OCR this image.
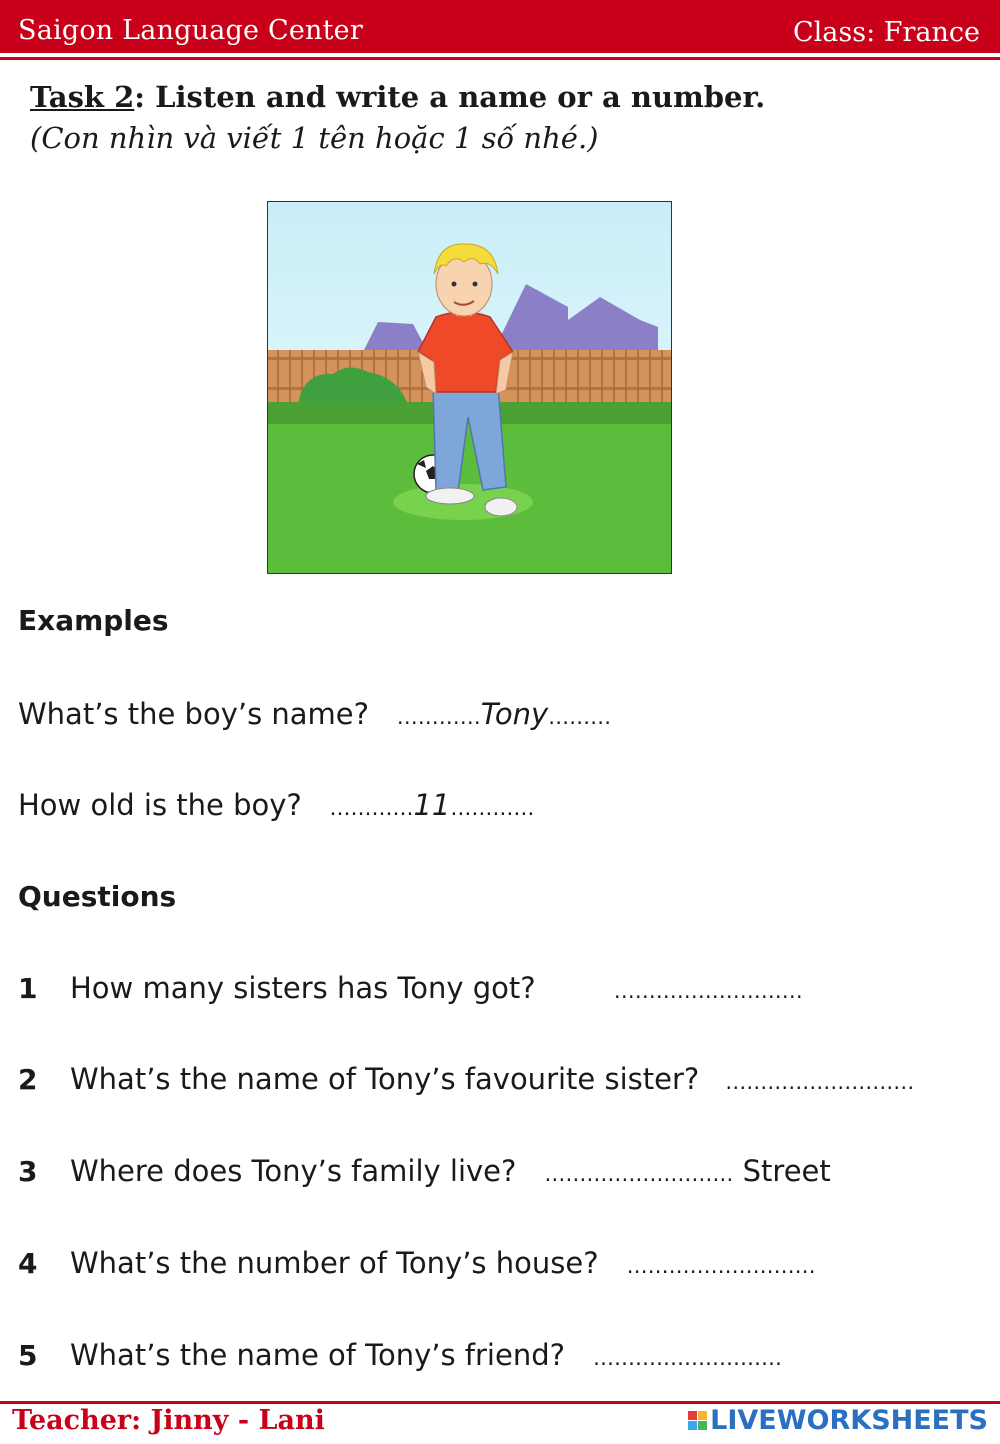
Saigon Language Center	Class: France
Task 2: Listen and write a name or a number.
(Con nhìn và viết 1 tên hoặc 1 số nhé.)
Examples
What’s the boy’s name? …………Tony………
How old is the boy? …………11…………
Questions
1 How many sisters has Tony got?	………………………
2 What’s the name of Tony’s favourite sister? ………………………
3 Where does Tony’s family live? ……………………… Street
4 What’s the number of Tony’s house? ………………………
5 What’s the name of Tony’s friend? ………………………
Teacher: Jinny - Lani	LIVEWORKSHEETS
